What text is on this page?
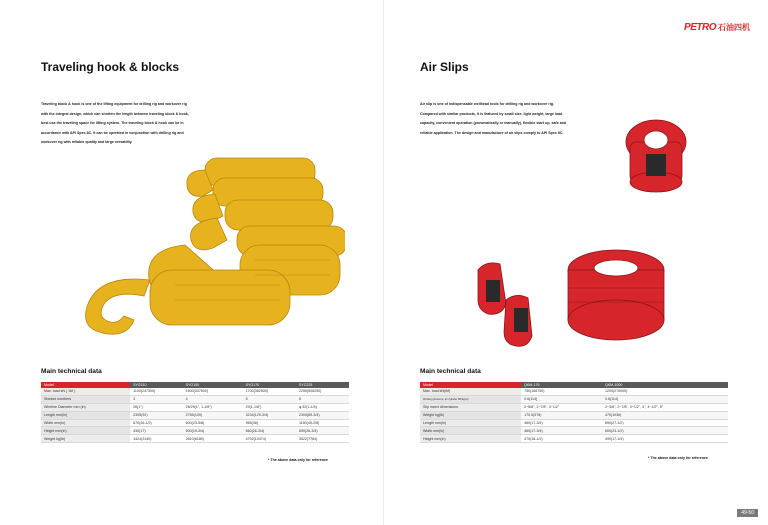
Traveling hook & blocks
Traveling block & hook is one of the lifting equipment for drilling rig and workover rig with the integral design, which can shorten the length between traveling block & hook, best use the traveling space for lifting system. The traveling block & hook can be in accordance with API Spec 8C. It can be operated in conjunction with drilling rig and workover rig with reliable quality and large versatility.
Main technical data
Model	SYG110	SYG150	SYG170	SYC225
Max. load kN ( 1bf )	1100(247300)	1500(337500)	1700(382500)	2250(506250)
Sheave numbers	3	4	5	5
Wireline Diameter mm (in)	26(1")	26/29(1", 1-1/8")	29(1-1/8")	φ 32(1-1/4)
Length mm(in)	2305(92)	2765(109)	3234(129-3/4)	2300(89-3/4)
Width mm(in)	670(26-1/2)	600(23-5/8)	965(38)	1150(45-2/8)
Height mm(in)	430(17)	500(19-3/4)	660(26-3/4)	690(26-3/4)
Weight kg(lb)	1424(3140)	2610(6180)	4702(10474)	3522(7764)
* The above data only for reference
PETRO 石油四机
Air Slips
Air slip is one of indispensable wellhead tools for drilling rig and workover rig. Compared with similar products, it is featured by small size, light weight, large load capacity, convenient operation (pneumatically or manually), flexible start up, safe and reliable application. The design and manufacture of air slips comply to API Spec 8C.
Main technical data
Model	QKM-175	QKM-1000
Max. load kN(lbf)	750(168750)	1200(270000)
Working pressure, air cylinder MPa(psi)	0.6(114)	0.6(114)
Slip insert dimensions	2~5/8", 2~7/8", 3~1/2"	2~3/8", 2~7/8", 3~1/2", 4", 4~1/2", 5"
Weight kg(lb)	170.5(376)	470(1036)
Length mm(in)	460(17-3/4)	690(27-1/2)
Width mm(in)	460(17-3/4)	600(23-1/2)
Height mm(in)	470(18-1/2)	490(17-1/4)
* The above data only for reference
49-50
